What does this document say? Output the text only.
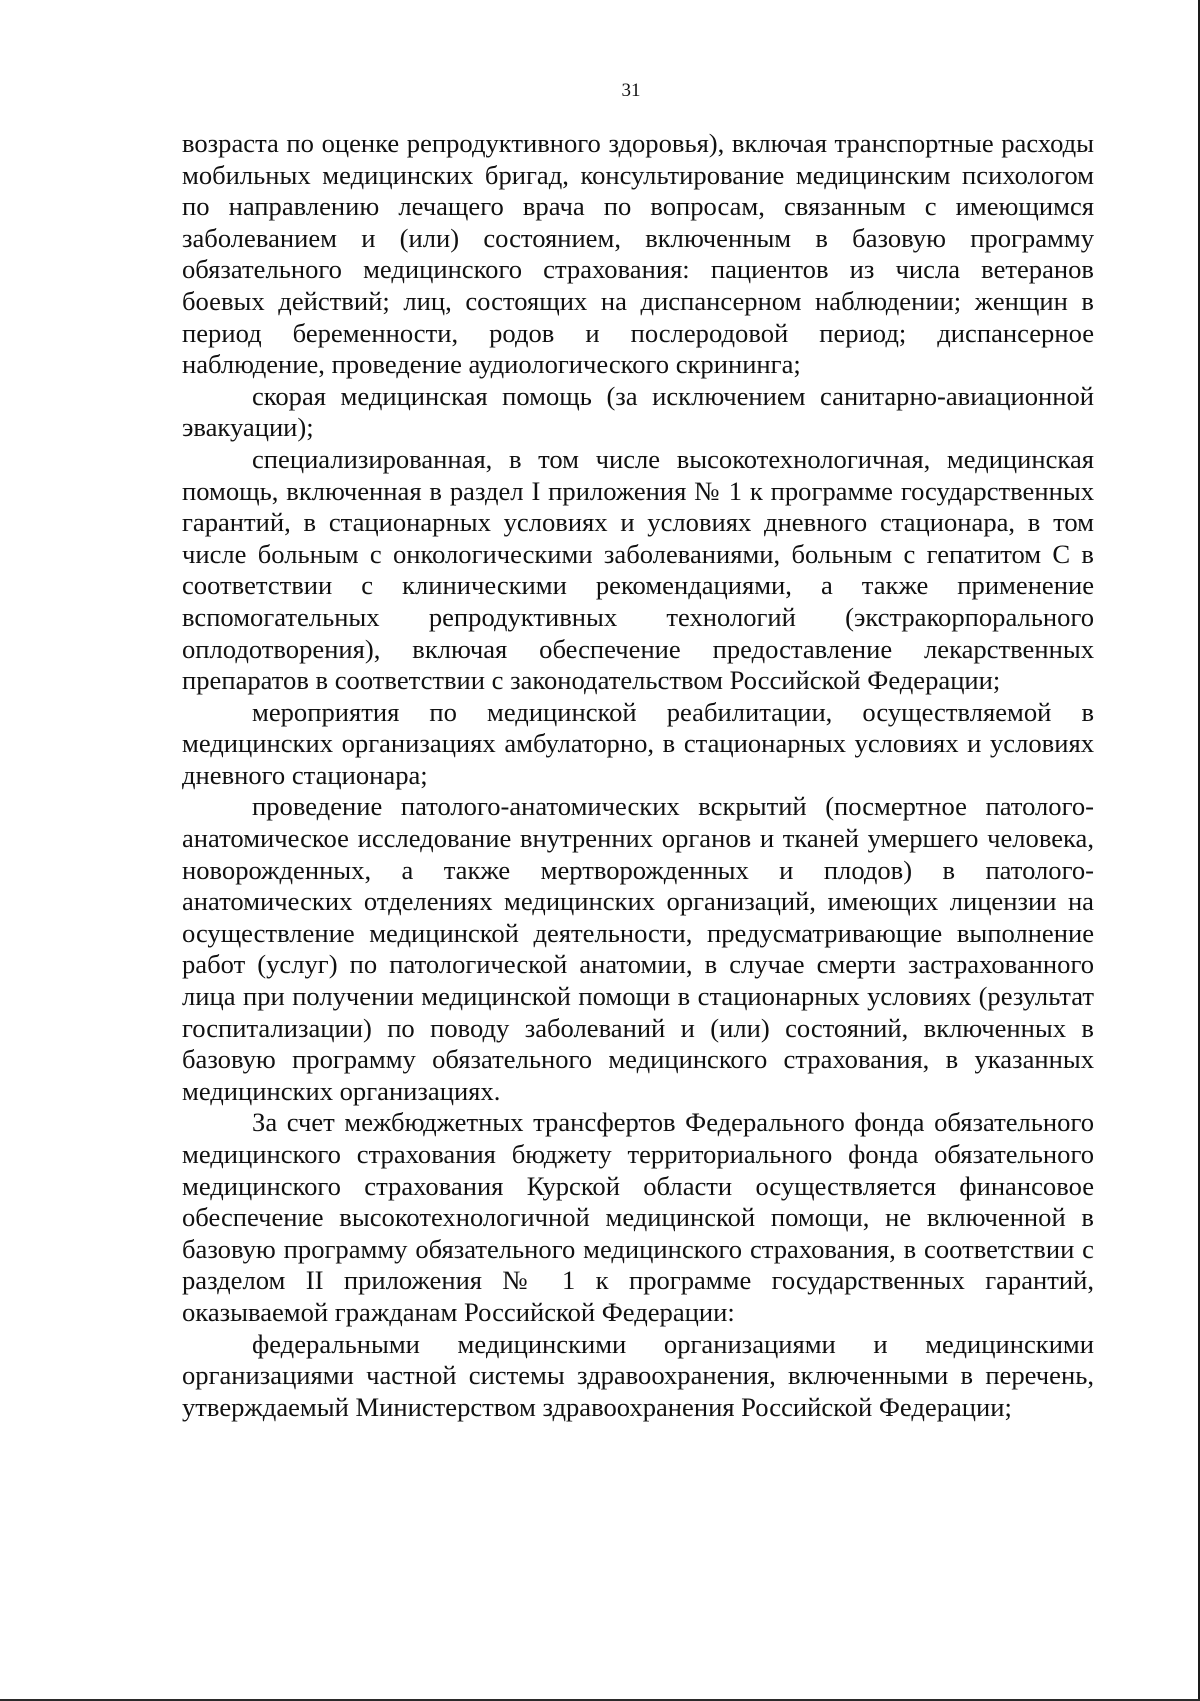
31

возраста по оценке репродуктивного здоровья), включая транспортные расходы мобильных медицинских бригад, консультирование медицинским психологом по направлению лечащего врача по вопросам, связанным с имеющимся заболеванием и (или) состоянием, включенным в базовую программу обязательного медицинского страхования: пациентов из числа ветеранов боевых действий; лиц, состоящих на диспансерном наблюдении; женщин в период беременности, родов и послеродовой период; диспансерное наблюдение, проведение аудиологического скрининга;

скорая медицинская помощь (за исключением санитарно-авиационной эвакуации);

специализированная, в том числе высокотехнологичная, медицинская помощь, включенная в раздел I приложения № 1 к программе государственных гарантий, в стационарных условиях и условиях дневного стационара, в том числе больным с онкологическими заболеваниями, больным с гепатитом С в соответствии с клиническими рекомендациями, а также применение вспомогательных репродуктивных технологий (экстракорпорального оплодотворения), включая обеспечение предоставление лекарственных препаратов в соответствии с законодательством Российской Федерации;

мероприятия по медицинской реабилитации, осуществляемой в медицинских организациях амбулаторно, в стационарных условиях и условиях дневного стационара;

проведение патолого-анатомических вскрытий (посмертное патолого-анатомическое исследование внутренних органов и тканей умершего человека, новорожденных, а также мертворожденных и плодов) в патолого-анатомических отделениях медицинских организаций, имеющих лицензии на осуществление медицинской деятельности, предусматривающие выполнение работ (услуг) по патологической анатомии, в случае смерти застрахованного лица при получении медицинской помощи в стационарных условиях (результат госпитализации) по поводу заболеваний и (или) состояний, включенных в базовую программу обязательного медицинского страхования, в указанных медицинских организациях.

За счет межбюджетных трансфертов Федерального фонда обязательного медицинского страхования бюджету территориального фонда обязательного медицинского страхования Курской области осуществляется финансовое обеспечение высокотехнологичной медицинской помощи, не включенной в базовую программу обязательного медицинского страхования, в соответствии с разделом II приложения № 1 к программе государственных гарантий, оказываемой гражданам Российской Федерации:

федеральными медицинскими организациями и медицинскими организациями частной системы здравоохранения, включенными в перечень, утверждаемый Министерством здравоохранения Российской Федерации;
